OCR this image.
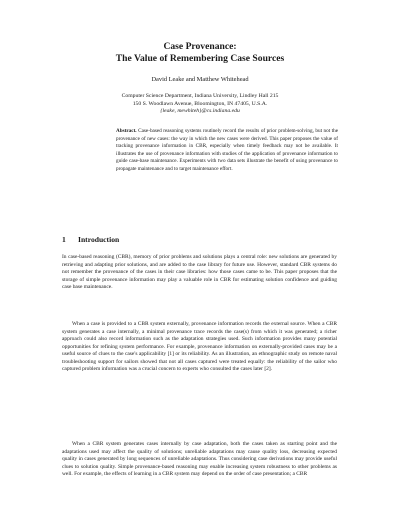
Case Provenance:
The Value of Remembering Case Sources
David Leake and Matthew Whitehead
Computer Science Department, Indiana University, Lindley Hall 215
150 S. Woodlawn Avenue, Bloomington, IN 47405, U.S.A.
{leake, mewhiteh}@cs.indiana.edu
Abstract. Case-based reasoning systems routinely record the results of prior problem-solving, but not the provenance of new cases: the way in which the new cases were derived. This paper proposes the value of tracking provenance information in CBR, especially when timely feedback may not be available. It illustrates the use of provenance information with studies of the application of provenance information to guide case-base maintenance. Experiments with two data sets illustrate the benefit of using provenance to propagate maintenance and to target maintenance effort.
1 Introduction
In case-based reasoning (CBR), memory of prior problems and solutions plays a central role: new solutions are generated by retrieving and adapting prior solutions, and are added to the case library for future use. However, standard CBR systems do not remember the provenance of the cases in their case libraries: how those cases came to be. This paper proposes that the storage of simple provenance information may play a valuable role in CBR for estimating solution confidence and guiding case base maintenance.
When a case is provided to a CBR system externally, provenance information records the external source. When a CBR system generates a case internally, a minimal provenance trace records the case(s) from which it was generated; a richer approach could also record information such as the adaptation strategies used. Such information provides many potential opportunities for refining system performance. For example, provenance information on externally-provided cases may be a useful source of clues to the case's applicability [1] or its reliability. As an illustration, an ethnographic study on remote naval troubleshooting support for sailors showed that not all cases captured were treated equally: the reliability of the sailor who captured problem information was a crucial concern to experts who consulted the cases later [2].
When a CBR system generates cases internally by case adaptation, both the cases taken as starting point and the adaptations used may affect the quality of solutions; unreliable adaptations may cause quality loss, decreasing expected quality in cases generated by long sequences of unreliable adaptations. Thus considering case derivations may provide useful clues to solution quality. Simple provenance-based reasoning may enable increasing system robustness to other problems as well. For example, the effects of learning in a CBR system may depend on the order of case presentation; a CBR
